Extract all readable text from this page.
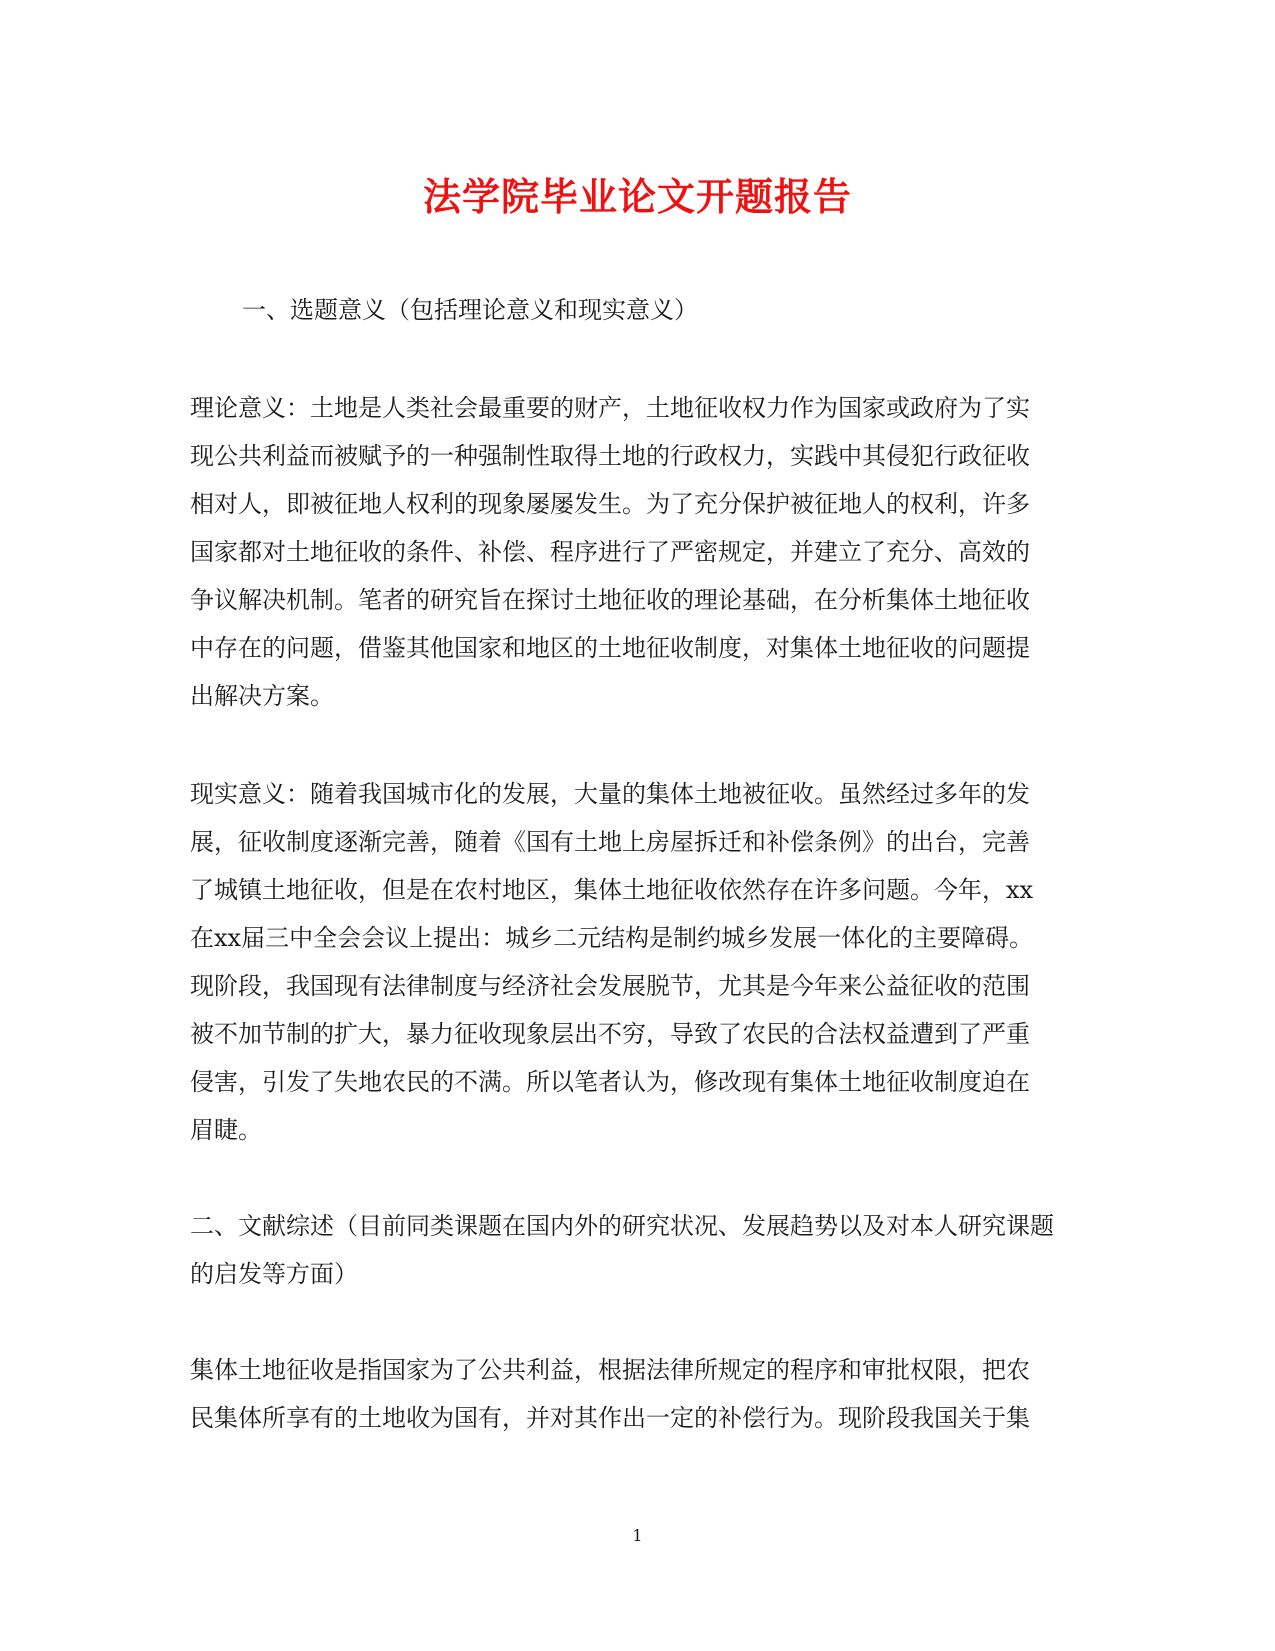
法学院毕业论文开题报告

一、选题意义（包括理论意义和现实意义）

理论意义：土地是人类社会最重要的财产，土地征收权力作为国家或政府为了实

现公共利益而被赋予的一种强制性取得土地的行政权力，实践中其侵犯行政征收

相对人，即被征地人权利的现象屡屡发生。为了充分保护被征地人的权利，许多

国家都对土地征收的条件、补偿、程序进行了严密规定，并建立了充分、高效的

争议解决机制。笔者的研究旨在探讨土地征收的理论基础，在分析集体土地征收

中存在的问题，借鉴其他国家和地区的土地征收制度，对集体土地征收的问题提

出解决方案。

现实意义：随着我国城市化的发展，大量的集体土地被征收。虽然经过多年的发

展，征收制度逐渐完善，随着《国有土地上房屋拆迁和补偿条例》的出台，完善

了城镇土地征收，但是在农村地区，集体土地征收依然存在许多问题。今年，xx

在xx届三中全会会议上提出：城乡二元结构是制约城乡发展一体化的主要障碍。

现阶段，我国现有法律制度与经济社会发展脱节，尤其是今年来公益征收的范围

被不加节制的扩大，暴力征收现象层出不穷，导致了农民的合法权益遭到了严重

侵害，引发了失地农民的不满。所以笔者认为，修改现有集体土地征收制度迫在

眉睫。

二、文献综述（目前同类课题在国内外的研究状况、发展趋势以及对本人研究课题

的启发等方面）

集体土地征收是指国家为了公共利益，根据法律所规定的程序和审批权限，把农

民集体所享有的土地收为国有，并对其作出一定的补偿行为。现阶段我国关于集

1
